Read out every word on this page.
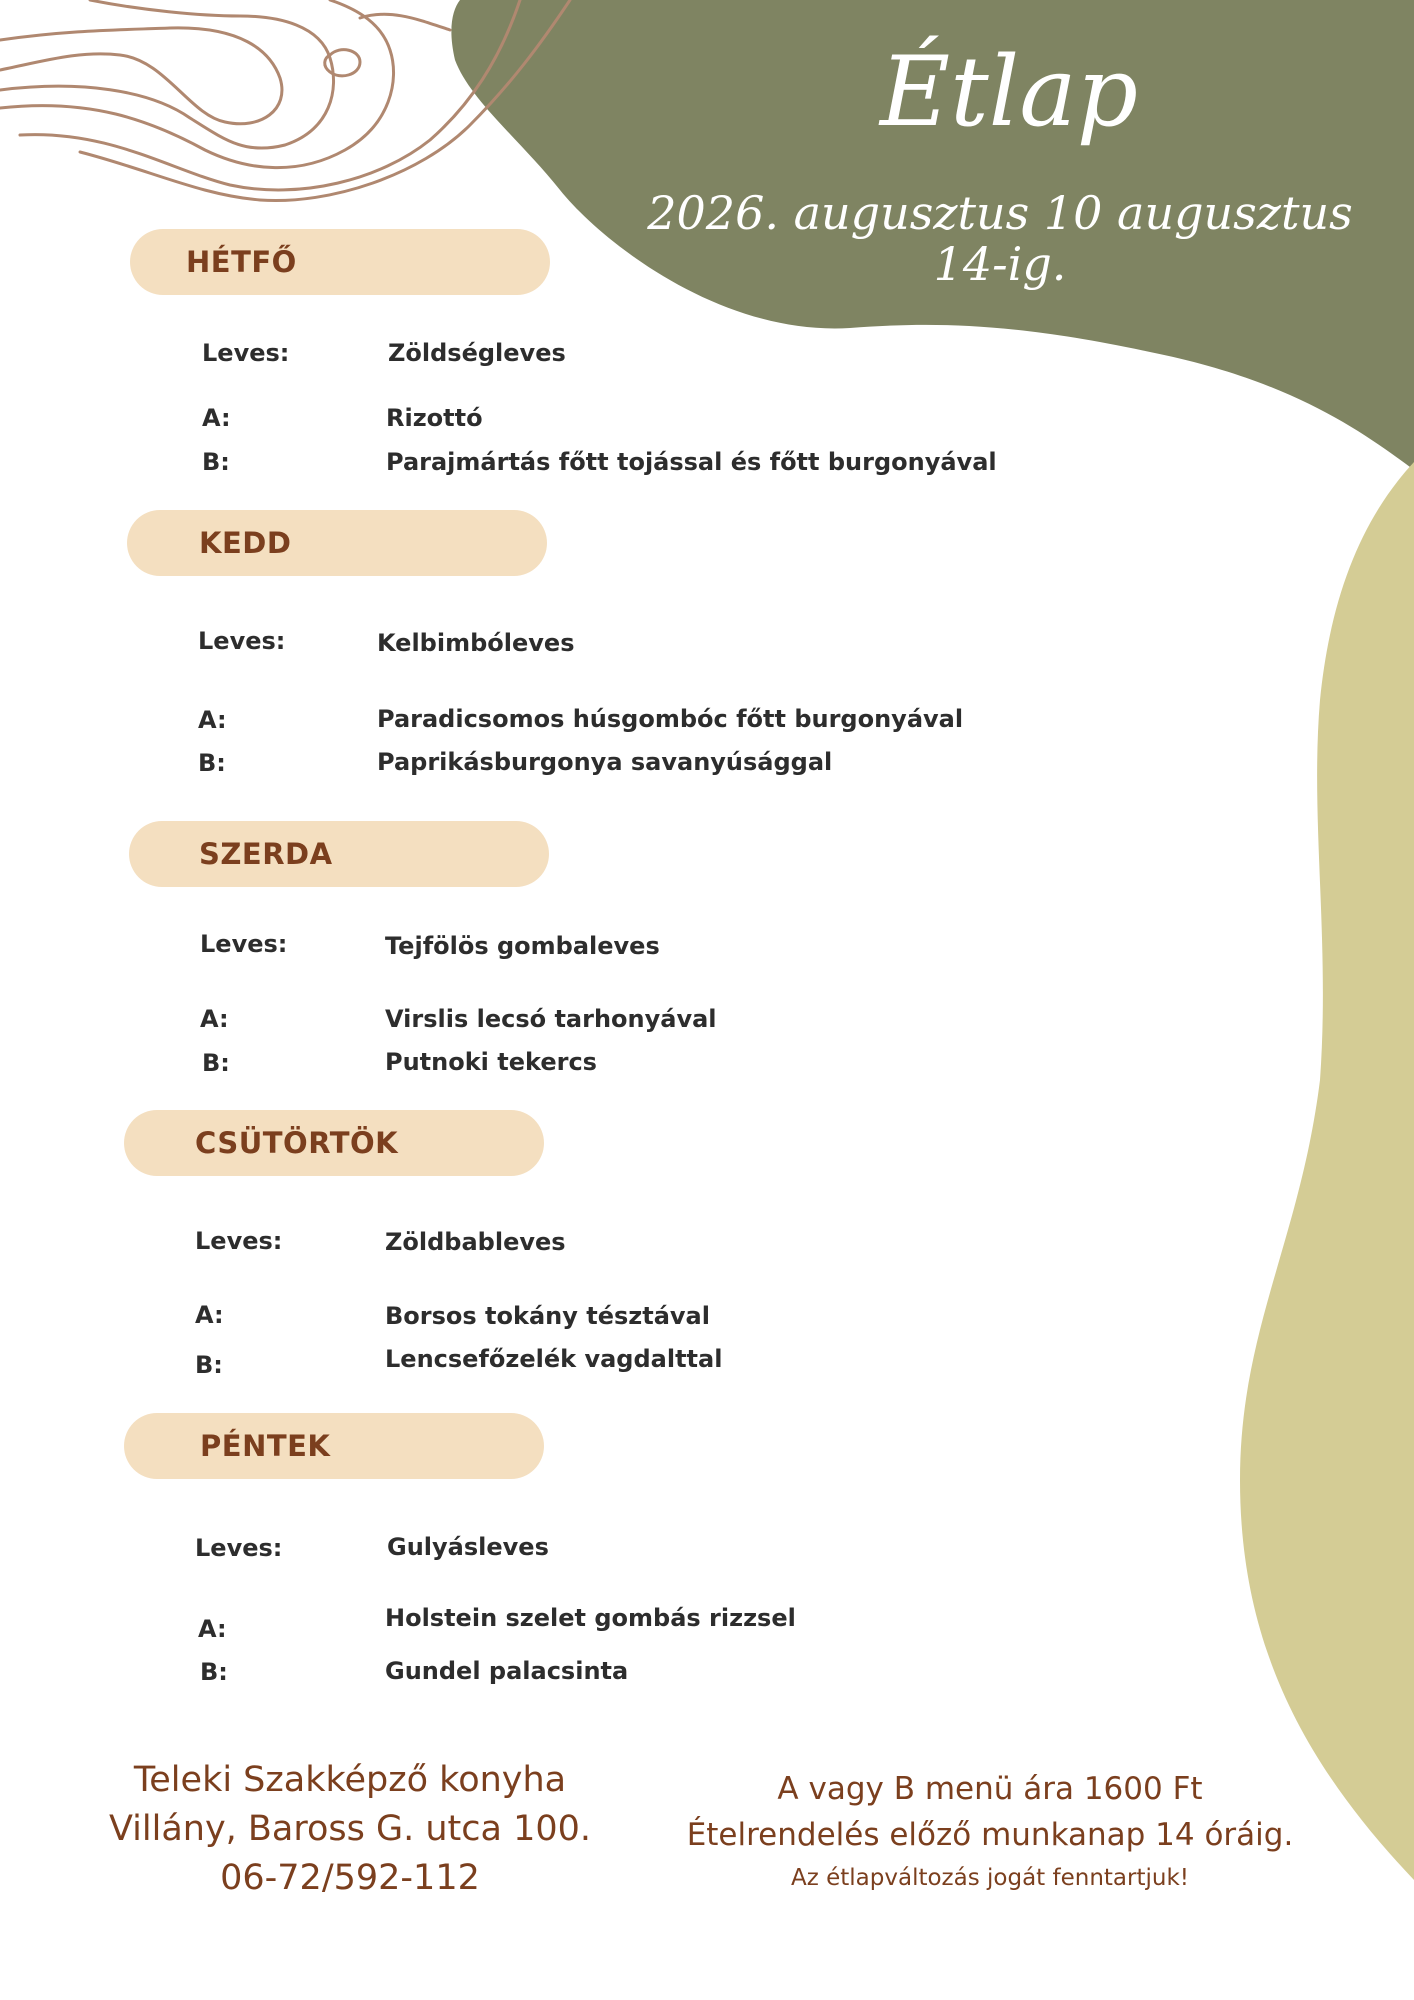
Étlap
2026. augusztus 10 augusztus 14-ig.
HÉTFŐ
Leves:	Zöldségleves
A:	Rizottó
B:	Parajmártás főtt tojással és főtt burgonyával
KEDD
Leves:	Kelbimbóleves
A:	Paradicsomos húsgombóc főtt burgonyával
B:	Paprikásburgonya savanyúsággal
SZERDA
Leves:	Tejfölös gombaleves
A:	Virslis lecsó tarhonyával
B:	Putnoki tekercs
CSÜTÖRTÖK
Leves:	Zöldbableves
A:	Borsos tokány tésztával
B:	Lencsefőzelék vagdalttal
PÉNTEK
Leves:	Gulyásleves
A:	Holstein szelet gombás rizzsel
B:	Gundel palacsinta
Teleki Szakképző konyha
Villány, Baross G. utca 100.
06-72/592-112
A vagy B menü ára 1600 Ft
Ételrendelés előző munkanap 14 óráig.
Az étlapváltozás jogát fenntartjuk!
